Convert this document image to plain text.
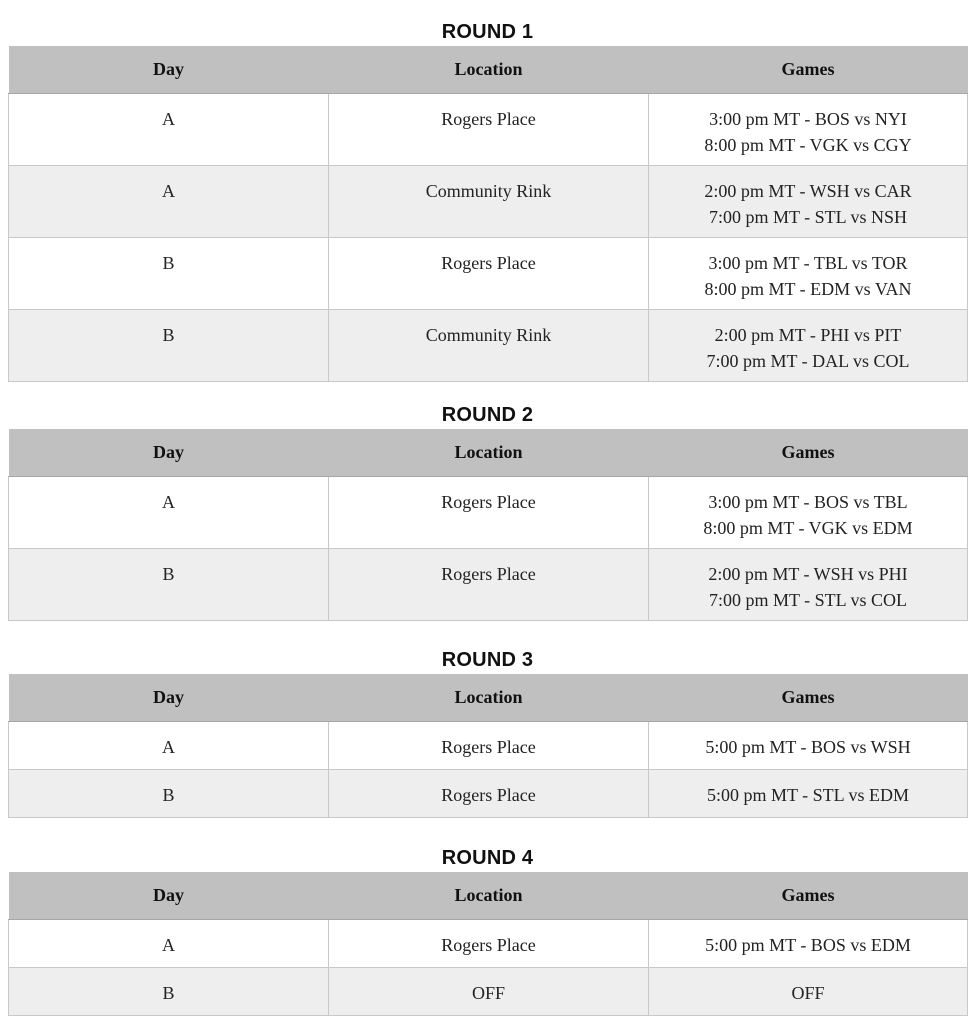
ROUND 1
Day	Location	Games
A	Rogers Place	3:00 pm MT - BOS vs NYI
8:00 pm MT - VGK vs CGY

A	Community Rink	2:00 pm MT - WSH vs CAR
7:00 pm MT - STL vs NSH

B	Rogers Place	3:00 pm MT - TBL vs TOR
8:00 pm MT - EDM vs VAN

B	Community Rink	2:00 pm MT - PHI vs PIT
7:00 pm MT - DAL vs COL
ROUND 2
Day	Location	Games
A	Rogers Place	3:00 pm MT - BOS vs TBL
8:00 pm MT - VGK vs EDM

B	Rogers Place	2:00 pm MT - WSH vs PHI
7:00 pm MT - STL vs COL
ROUND 3
Day	Location	Games
A	Rogers Place	5:00 pm MT - BOS vs WSH

B	Rogers Place	5:00 pm MT - STL vs EDM
ROUND 4
Day	Location	Games
A	Rogers Place	5:00 pm MT - BOS vs EDM

B	OFF	OFF
